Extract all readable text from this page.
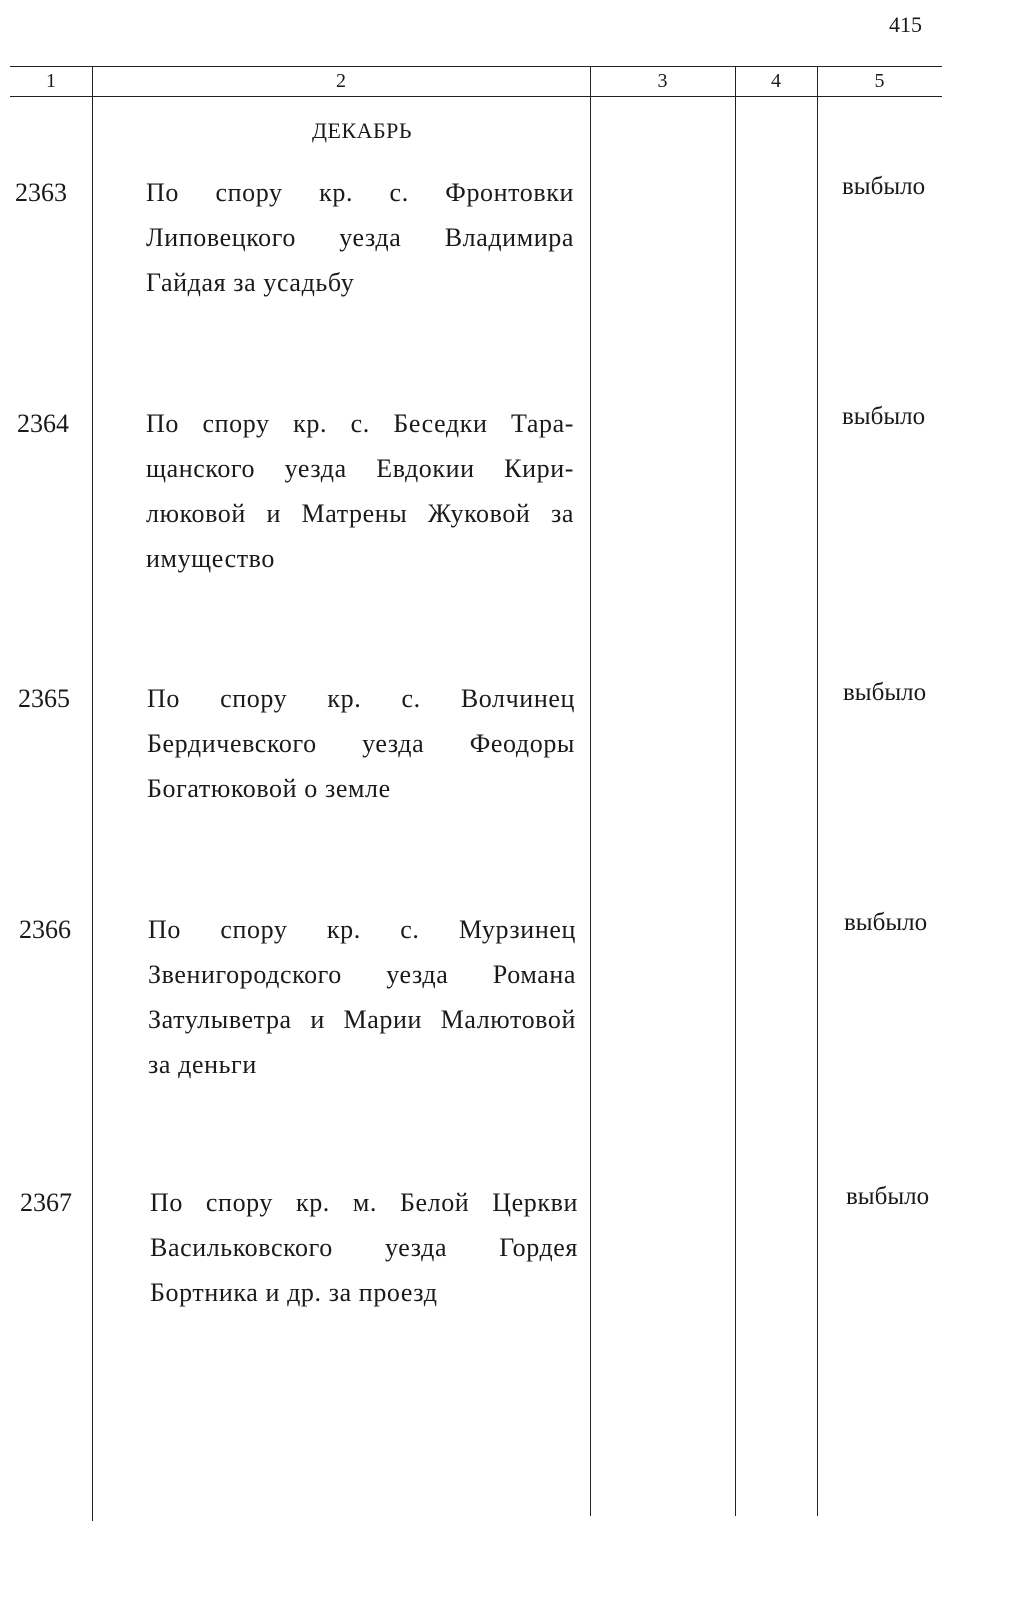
415
1	2	3	4	5
ДЕКАБРЬ
2363	По спору кр. с. Фронтовки
Липовецкого уезда Владимира
Гайдая за усадьбу
выбыло
2364	По спору кр. с. Беседки Тара-
щанского уезда Евдокии Кири-
люковой и Матрены Жуковой за
имущество
выбыло
2365	По спору кр. с. Волчинец
Бердичевского уезда Феодоры
Богатюковой о земле
выбыло
2366	По спору кр. с. Мурзинец
Звенигородского уезда Романа
Затулыветра и Марии Малютовой
за деньги
выбыло
2367	По спору кр. м. Белой Церкви
Васильковского уезда Гордея
Бортника и др. за проезд
выбыло
